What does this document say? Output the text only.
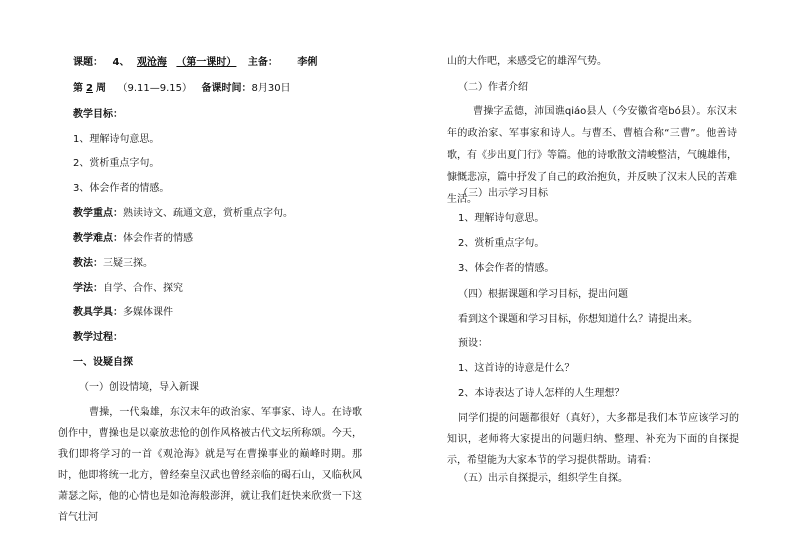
课题： 4、 观沧海 （第一课时） 主备： 李俐
第 2 周 （9.11—9.15） 备课时间：8月30日
教学目标：
1、理解诗句意思。
2、赏析重点字句。
3、体会作者的情感。
教学重点：熟读诗文、疏通文意，赏析重点字句。
教学难点：体会作者的情感
教法：三疑三探。
学法：自学、合作、探究
教具学具：多媒体课件
教学过程：
一、设疑自探
（一）创设情境，导入新课
曹操，一代枭雄，东汉末年的政治家、军事家、诗人。在诗歌创作中，曹操也是以豪放悲怆的创作风格被古代文坛所称颂。今天，我们即将学习的一首《观沧海》就是写在曹操事业的巅峰时期。那时，他即将统一北方，曾经秦皇汉武也曾经亲临的碣石山，又临秋风萧瑟之际，他的心情也是如沧海般澎湃，就让我们赶快来欣赏一下这首气壮河
山的大作吧，来感受它的雄浑气势。
（二）作者介绍
曹操字孟德，沛国谯qiáo县人（今安徽省亳bó县）。东汉末年的政治家、军事家和诗人。与曹丕、曹植合称“三曹”。他善诗歌，有《步出夏门行》等篇。他的诗歌散文清峻整洁，气魄雄伟，慷慨悲凉，篇中抒发了自己的政治抱负，并反映了汉末人民的苦难生活。
（三）出示学习目标
1、理解诗句意思。
2、赏析重点字句。
3、体会作者的情感。
（四）根据课题和学习目标，提出问题
看到这个课题和学习目标，你想知道什么？请提出来。
预设：
1、这首诗的诗意是什么？
2、本诗表达了诗人怎样的人生理想？
同学们提的问题都很好（真好），大多都是我们本节应该学习的知识，老师将大家提出的问题归纳、整理、补充为下面的自探提示，希望能为大家本节的学习提供帮助。请看：
（五）出示自探提示，组织学生自探。
